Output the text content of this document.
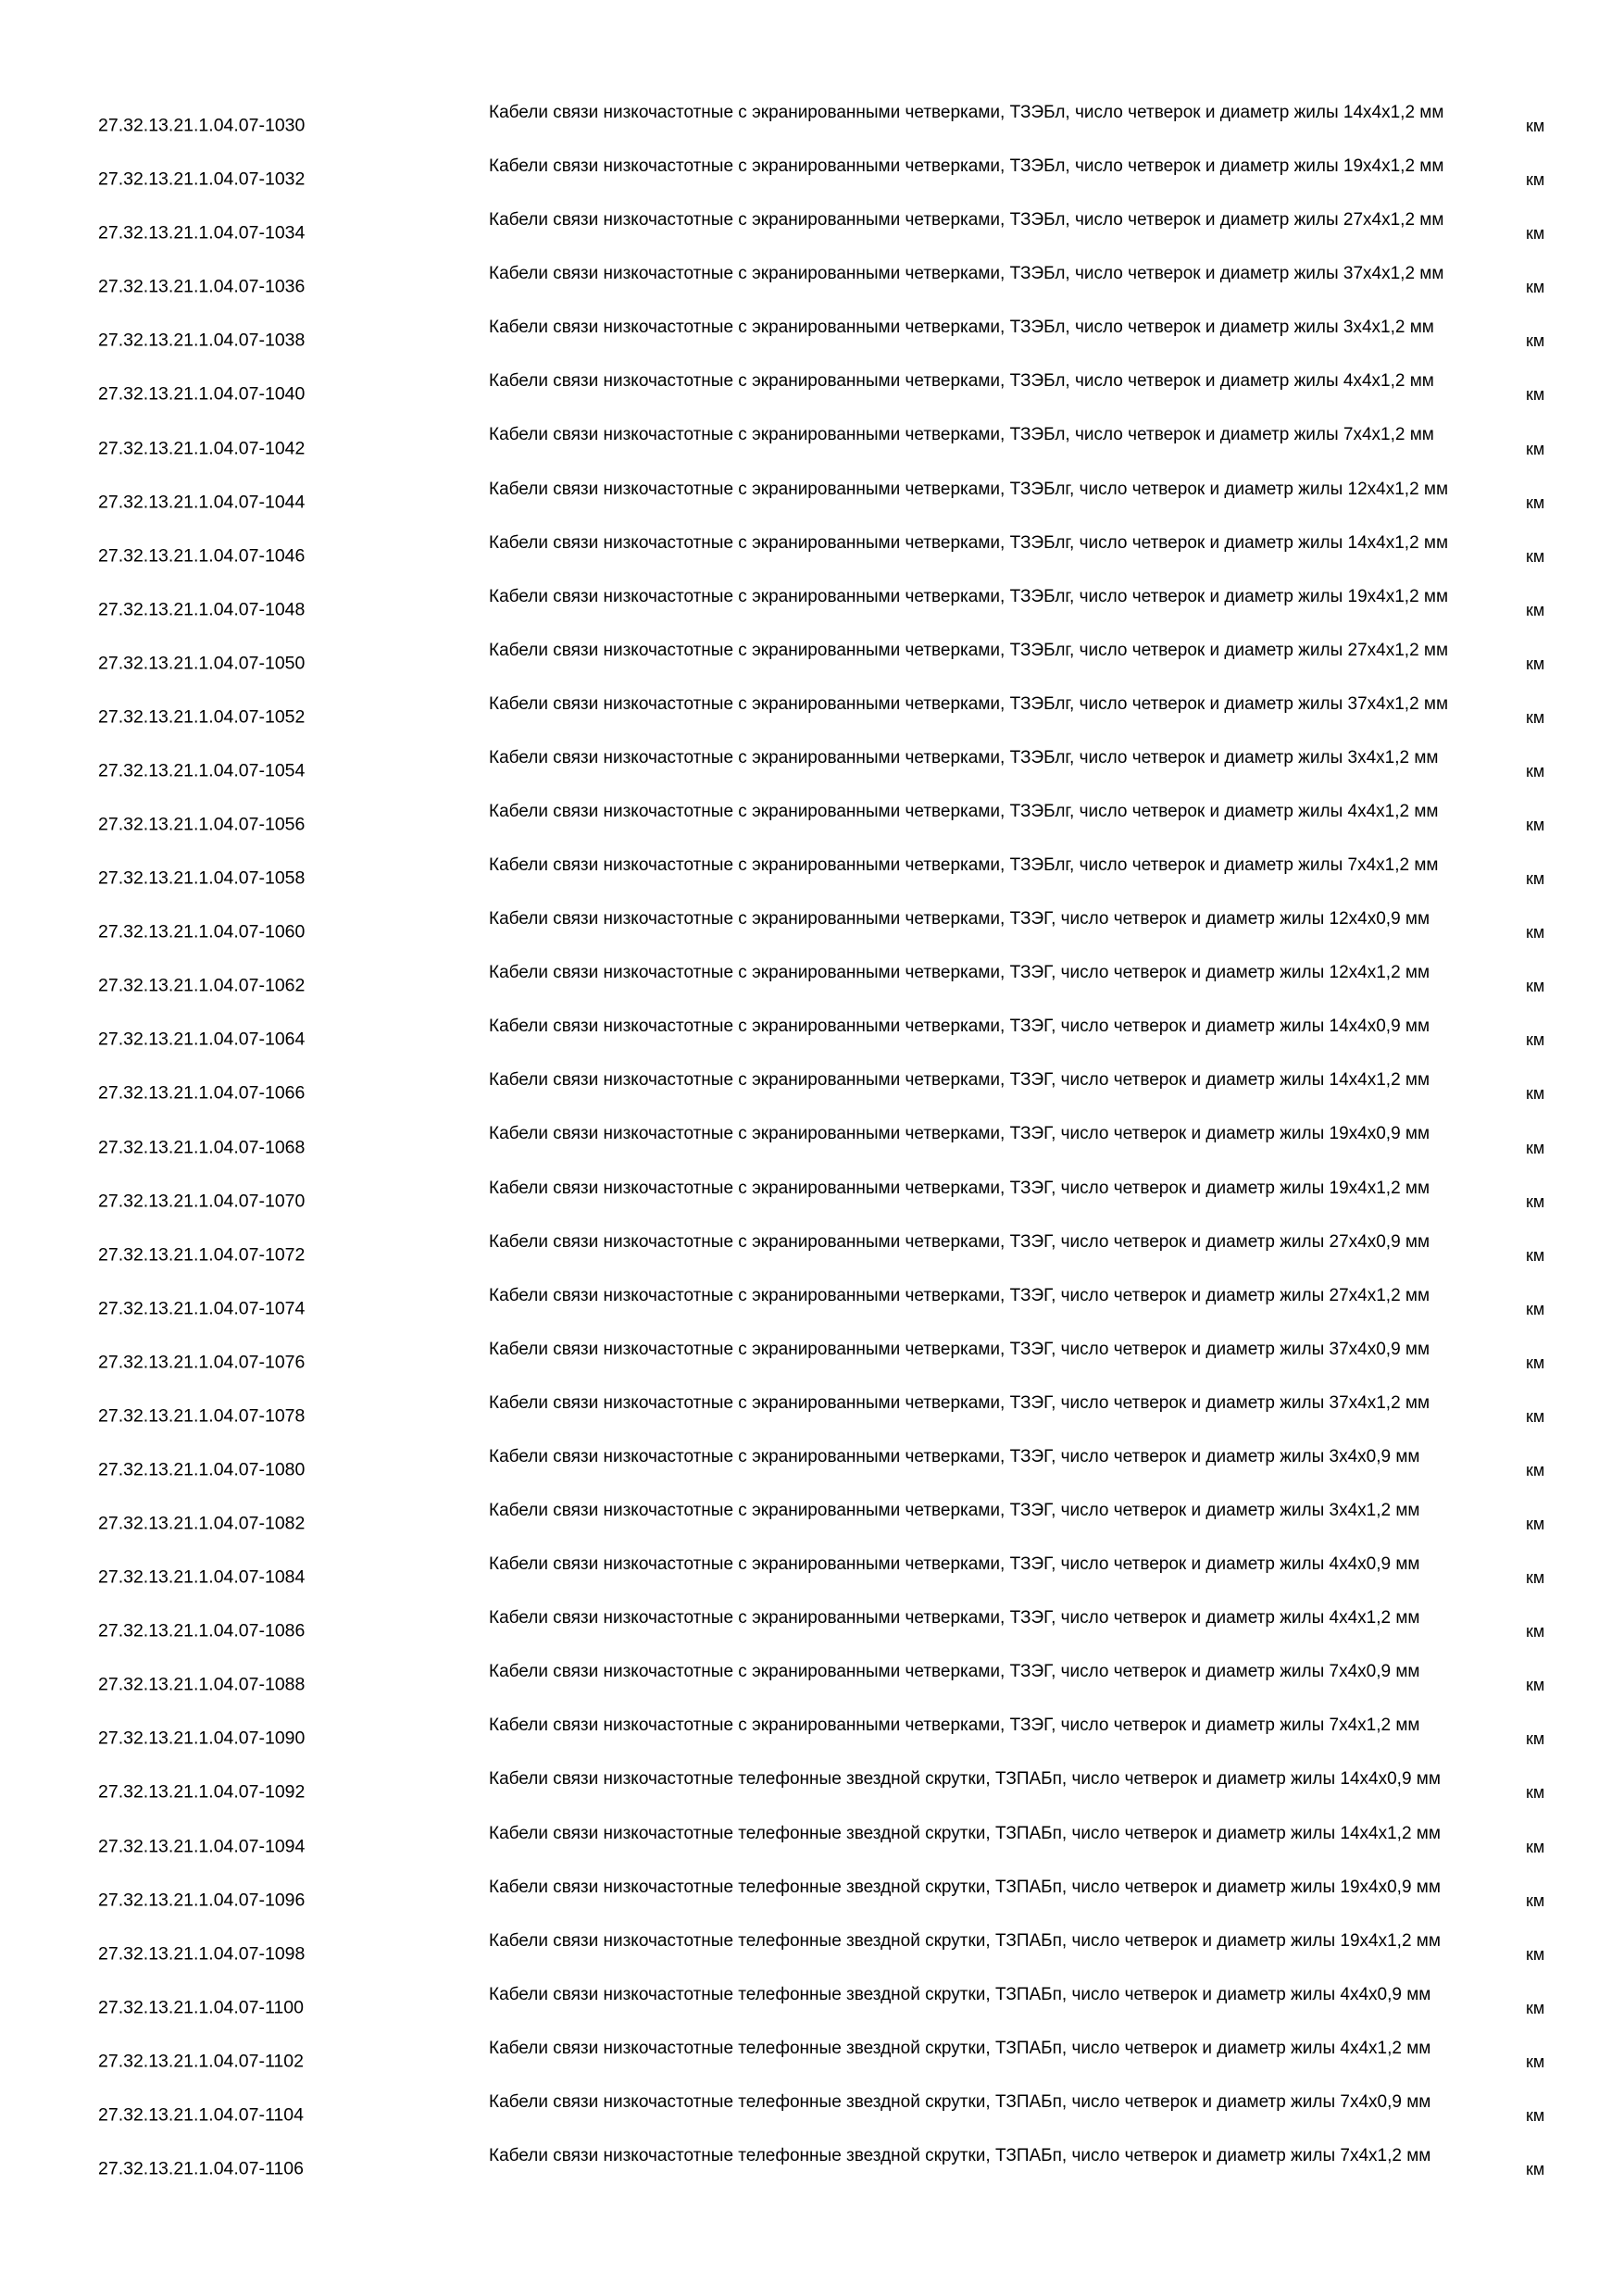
27.32.13.21.1.04.07-1030
Кабели связи низкочастотные с экранированными четверками, ТЗЭБл, число четверок и диаметр жилы 14х4х1,2 мм
км
27.32.13.21.1.04.07-1032
Кабели связи низкочастотные с экранированными четверками, ТЗЭБл, число четверок и диаметр жилы 19х4х1,2 мм
км
27.32.13.21.1.04.07-1034
Кабели связи низкочастотные с экранированными четверками, ТЗЭБл, число четверок и диаметр жилы 27х4х1,2 мм
км
27.32.13.21.1.04.07-1036
Кабели связи низкочастотные с экранированными четверками, ТЗЭБл, число четверок и диаметр жилы 37х4х1,2 мм
км
27.32.13.21.1.04.07-1038
Кабели связи низкочастотные с экранированными четверками, ТЗЭБл, число четверок и диаметр жилы 3х4х1,2 мм
км
27.32.13.21.1.04.07-1040
Кабели связи низкочастотные с экранированными четверками, ТЗЭБл, число четверок и диаметр жилы 4х4х1,2 мм
км
27.32.13.21.1.04.07-1042
Кабели связи низкочастотные с экранированными четверками, ТЗЭБл, число четверок и диаметр жилы 7х4х1,2 мм
км
27.32.13.21.1.04.07-1044
Кабели связи низкочастотные с экранированными четверками, ТЗЭБлг, число четверок и диаметр жилы 12х4х1,2 мм
км
27.32.13.21.1.04.07-1046
Кабели связи низкочастотные с экранированными четверками, ТЗЭБлг, число четверок и диаметр жилы 14х4х1,2 мм
км
27.32.13.21.1.04.07-1048
Кабели связи низкочастотные с экранированными четверками, ТЗЭБлг, число четверок и диаметр жилы 19х4х1,2 мм
км
27.32.13.21.1.04.07-1050
Кабели связи низкочастотные с экранированными четверками, ТЗЭБлг, число четверок и диаметр жилы 27х4х1,2 мм
км
27.32.13.21.1.04.07-1052
Кабели связи низкочастотные с экранированными четверками, ТЗЭБлг, число четверок и диаметр жилы 37х4х1,2 мм
км
27.32.13.21.1.04.07-1054
Кабели связи низкочастотные с экранированными четверками, ТЗЭБлг, число четверок и диаметр жилы 3х4х1,2 мм
км
27.32.13.21.1.04.07-1056
Кабели связи низкочастотные с экранированными четверками, ТЗЭБлг, число четверок и диаметр жилы 4х4х1,2 мм
км
27.32.13.21.1.04.07-1058
Кабели связи низкочастотные с экранированными четверками, ТЗЭБлг, число четверок и диаметр жилы 7х4х1,2 мм
км
27.32.13.21.1.04.07-1060
Кабели связи низкочастотные с экранированными четверками, ТЗЭГ, число четверок и диаметр жилы 12х4х0,9 мм
км
27.32.13.21.1.04.07-1062
Кабели связи низкочастотные с экранированными четверками, ТЗЭГ, число четверок и диаметр жилы 12х4х1,2 мм
км
27.32.13.21.1.04.07-1064
Кабели связи низкочастотные с экранированными четверками, ТЗЭГ, число четверок и диаметр жилы 14х4х0,9 мм
км
27.32.13.21.1.04.07-1066
Кабели связи низкочастотные с экранированными четверками, ТЗЭГ, число четверок и диаметр жилы 14х4х1,2 мм
км
27.32.13.21.1.04.07-1068
Кабели связи низкочастотные с экранированными четверками, ТЗЭГ, число четверок и диаметр жилы 19х4х0,9 мм
км
27.32.13.21.1.04.07-1070
Кабели связи низкочастотные с экранированными четверками, ТЗЭГ, число четверок и диаметр жилы 19х4х1,2 мм
км
27.32.13.21.1.04.07-1072
Кабели связи низкочастотные с экранированными четверками, ТЗЭГ, число четверок и диаметр жилы 27х4х0,9 мм
км
27.32.13.21.1.04.07-1074
Кабели связи низкочастотные с экранированными четверками, ТЗЭГ, число четверок и диаметр жилы 27х4х1,2 мм
км
27.32.13.21.1.04.07-1076
Кабели связи низкочастотные с экранированными четверками, ТЗЭГ, число четверок и диаметр жилы 37х4х0,9 мм
км
27.32.13.21.1.04.07-1078
Кабели связи низкочастотные с экранированными четверками, ТЗЭГ, число четверок и диаметр жилы 37х4х1,2 мм
км
27.32.13.21.1.04.07-1080
Кабели связи низкочастотные с экранированными четверками, ТЗЭГ, число четверок и диаметр жилы 3х4х0,9 мм
км
27.32.13.21.1.04.07-1082
Кабели связи низкочастотные с экранированными четверками, ТЗЭГ, число четверок и диаметр жилы 3х4х1,2 мм
км
27.32.13.21.1.04.07-1084
Кабели связи низкочастотные с экранированными четверками, ТЗЭГ, число четверок и диаметр жилы 4х4х0,9 мм
км
27.32.13.21.1.04.07-1086
Кабели связи низкочастотные с экранированными четверками, ТЗЭГ, число четверок и диаметр жилы 4х4х1,2 мм
км
27.32.13.21.1.04.07-1088
Кабели связи низкочастотные с экранированными четверками, ТЗЭГ, число четверок и диаметр жилы 7х4х0,9 мм
км
27.32.13.21.1.04.07-1090
Кабели связи низкочастотные с экранированными четверками, ТЗЭГ, число четверок и диаметр жилы 7х4х1,2 мм
км
27.32.13.21.1.04.07-1092
Кабели связи низкочастотные телефонные звездной скрутки, ТЗПАБп, число четверок и диаметр жилы 14х4х0,9 мм
км
27.32.13.21.1.04.07-1094
Кабели связи низкочастотные телефонные звездной скрутки, ТЗПАБп, число четверок и диаметр жилы 14х4х1,2 мм
км
27.32.13.21.1.04.07-1096
Кабели связи низкочастотные телефонные звездной скрутки, ТЗПАБп, число четверок и диаметр жилы 19х4х0,9 мм
км
27.32.13.21.1.04.07-1098
Кабели связи низкочастотные телефонные звездной скрутки, ТЗПАБп, число четверок и диаметр жилы 19х4х1,2 мм
км
27.32.13.21.1.04.07-1100
Кабели связи низкочастотные телефонные звездной скрутки, ТЗПАБп, число четверок и диаметр жилы 4х4х0,9 мм
км
27.32.13.21.1.04.07-1102
Кабели связи низкочастотные телефонные звездной скрутки, ТЗПАБп, число четверок и диаметр жилы 4х4х1,2 мм
км
27.32.13.21.1.04.07-1104
Кабели связи низкочастотные телефонные звездной скрутки, ТЗПАБп, число четверок и диаметр жилы 7х4х0,9 мм
км
27.32.13.21.1.04.07-1106
Кабели связи низкочастотные телефонные звездной скрутки, ТЗПАБп, число четверок и диаметр жилы 7х4х1,2 мм
км
